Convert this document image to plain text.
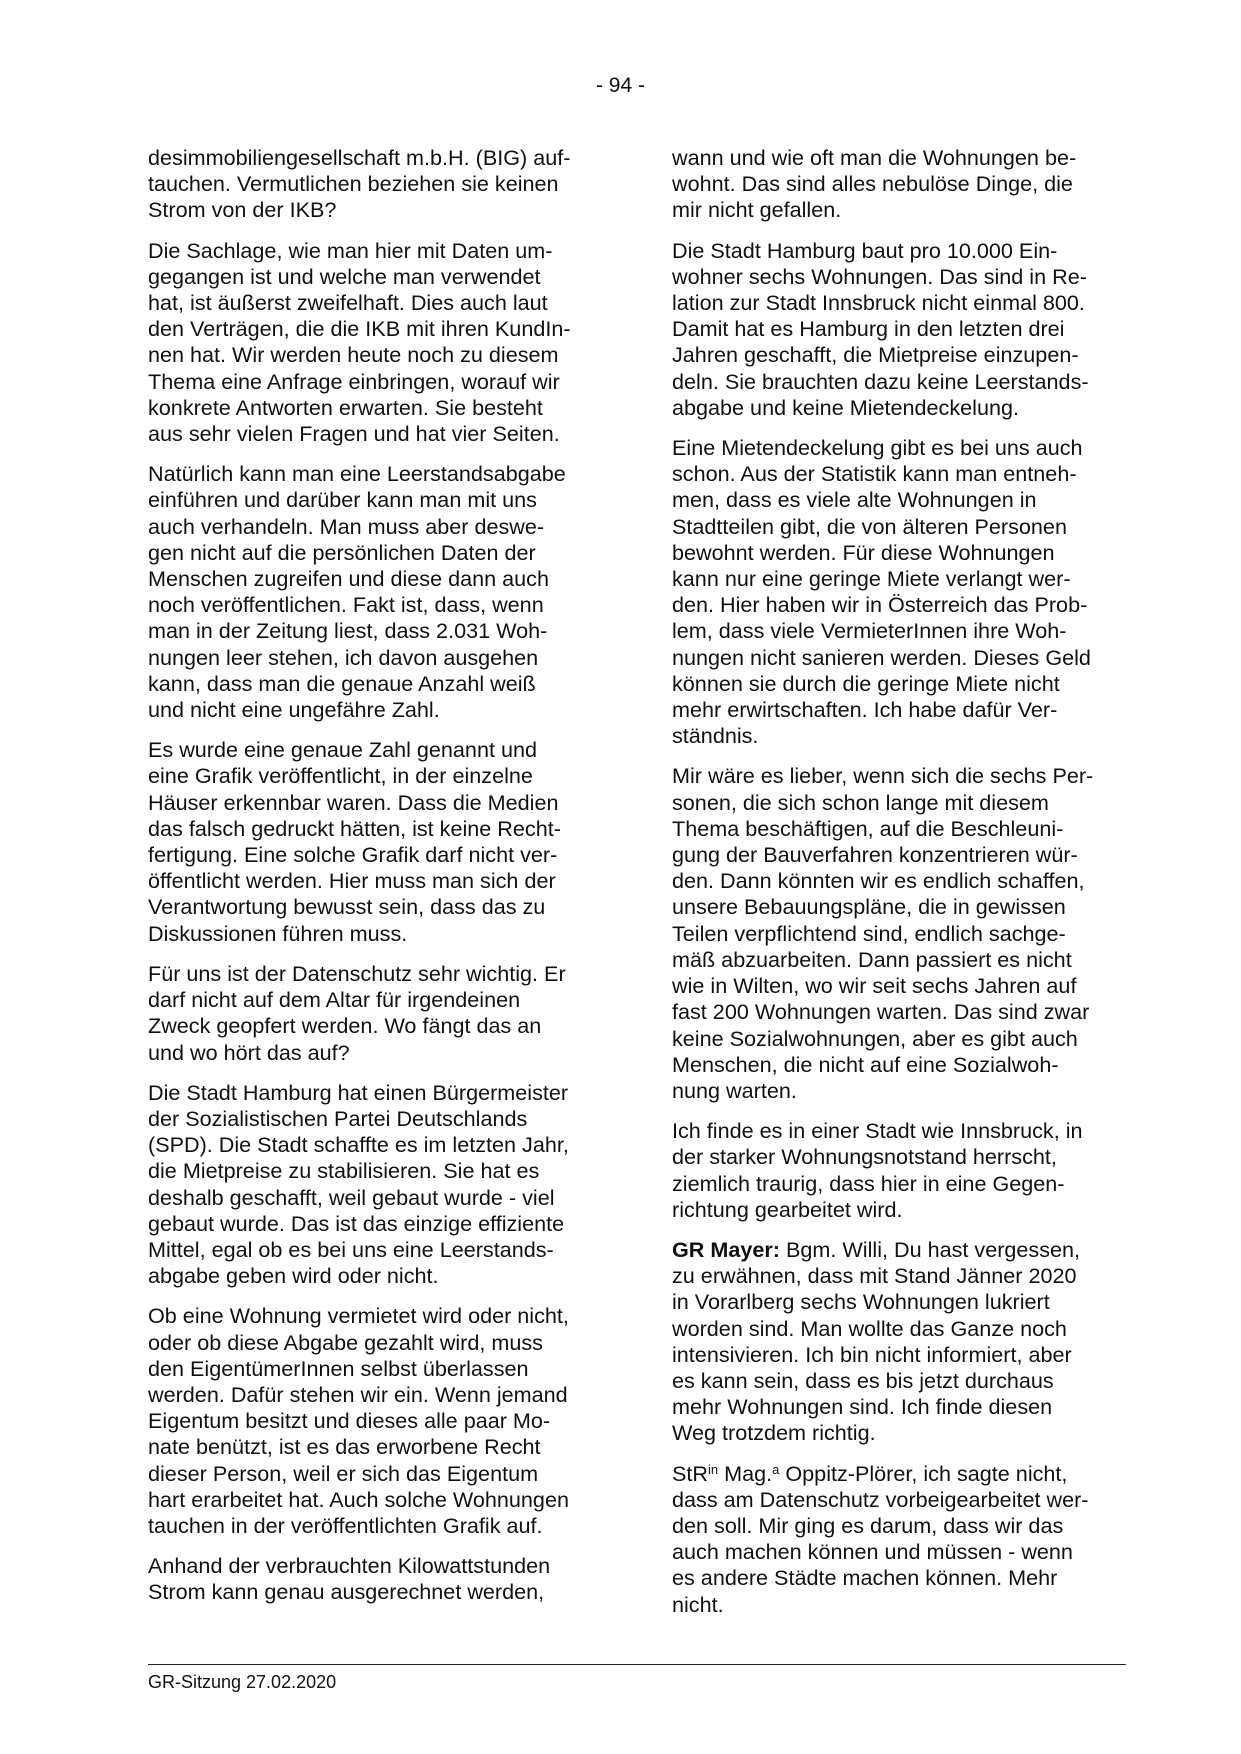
- 94 -

desimmobiliengesellschaft m.b.H. (BIG) auf-
tauchen. Vermutlichen beziehen sie keinen
Strom von der IKB?

Die Sachlage, wie man hier mit Daten um-
gegangen ist und welche man verwendet
hat, ist äußerst zweifelhaft. Dies auch laut
den Verträgen, die die IKB mit ihren KundIn-
nen hat. Wir werden heute noch zu diesem
Thema eine Anfrage einbringen, worauf wir
konkrete Antworten erwarten. Sie besteht
aus sehr vielen Fragen und hat vier Seiten.

Natürlich kann man eine Leerstandsabgabe
einführen und darüber kann man mit uns
auch verhandeln. Man muss aber deswe-
gen nicht auf die persönlichen Daten der
Menschen zugreifen und diese dann auch
noch veröffentlichen. Fakt ist, dass, wenn
man in der Zeitung liest, dass 2.031 Woh-
nungen leer stehen, ich davon ausgehen
kann, dass man die genaue Anzahl weiß
und nicht eine ungefähre Zahl.

Es wurde eine genaue Zahl genannt und
eine Grafik veröffentlicht, in der einzelne
Häuser erkennbar waren. Dass die Medien
das falsch gedruckt hätten, ist keine Recht-
fertigung. Eine solche Grafik darf nicht ver-
öffentlicht werden. Hier muss man sich der
Verantwortung bewusst sein, dass das zu
Diskussionen führen muss.

Für uns ist der Datenschutz sehr wichtig. Er
darf nicht auf dem Altar für irgendeinen
Zweck geopfert werden. Wo fängt das an
und wo hört das auf?

Die Stadt Hamburg hat einen Bürgermeister
der Sozialistischen Partei Deutschlands
(SPD). Die Stadt schaffte es im letzten Jahr,
die Mietpreise zu stabilisieren. Sie hat es
deshalb geschafft, weil gebaut wurde - viel
gebaut wurde. Das ist das einzige effiziente
Mittel, egal ob es bei uns eine Leerstands-
abgabe geben wird oder nicht.

Ob eine Wohnung vermietet wird oder nicht,
oder ob diese Abgabe gezahlt wird, muss
den EigentümerInnen selbst überlassen
werden. Dafür stehen wir ein. Wenn jemand
Eigentum besitzt und dieses alle paar Mo-
nate benützt, ist es das erworbene Recht
dieser Person, weil er sich das Eigentum
hart erarbeitet hat. Auch solche Wohnungen
tauchen in der veröffentlichten Grafik auf.

Anhand der verbrauchten Kilowattstunden
Strom kann genau ausgerechnet werden,

wann und wie oft man die Wohnungen be-
wohnt. Das sind alles nebulöse Dinge, die
mir nicht gefallen.

Die Stadt Hamburg baut pro 10.000 Ein-
wohner sechs Wohnungen. Das sind in Re-
lation zur Stadt Innsbruck nicht einmal 800.
Damit hat es Hamburg in den letzten drei
Jahren geschafft, die Mietpreise einzupen-
deln. Sie brauchten dazu keine Leerstands-
abgabe und keine Mietendeckelung.

Eine Mietendeckelung gibt es bei uns auch
schon. Aus der Statistik kann man entneh-
men, dass es viele alte Wohnungen in
Stadtteilen gibt, die von älteren Personen
bewohnt werden. Für diese Wohnungen
kann nur eine geringe Miete verlangt wer-
den. Hier haben wir in Österreich das Prob-
lem, dass viele VermieterInnen ihre Woh-
nungen nicht sanieren werden. Dieses Geld
können sie durch die geringe Miete nicht
mehr erwirtschaften. Ich habe dafür Ver-
ständnis.

Mir wäre es lieber, wenn sich die sechs Per-
sonen, die sich schon lange mit diesem
Thema beschäftigen, auf die Beschleuni-
gung der Bauverfahren konzentrieren wür-
den. Dann könnten wir es endlich schaffen,
unsere Bebauungspläne, die in gewissen
Teilen verpflichtend sind, endlich sachge-
mäß abzuarbeiten. Dann passiert es nicht
wie in Wilten, wo wir seit sechs Jahren auf
fast 200 Wohnungen warten. Das sind zwar
keine Sozialwohnungen, aber es gibt auch
Menschen, die nicht auf eine Sozialwoh-
nung warten.

Ich finde es in einer Stadt wie Innsbruck, in
der starker Wohnungsnotstand herrscht,
ziemlich traurig, dass hier in eine Gegen-
richtung gearbeitet wird.

GR Mayer: Bgm. Willi, Du hast vergessen,
zu erwähnen, dass mit Stand Jänner 2020
in Vorarlberg sechs Wohnungen lukriert
worden sind. Man wollte das Ganze noch
intensivieren. Ich bin nicht informiert, aber
es kann sein, dass es bis jetzt durchaus
mehr Wohnungen sind. Ich finde diesen
Weg trotzdem richtig.

StR$^{in}$ Mag.$^a$ Oppitz-Plörer, ich sagte nicht,
dass am Datenschutz vorbeigearbeitet wer-
den soll. Mir ging es darum, dass wir das
auch machen können und müssen - wenn
es andere Städte machen können. Mehr
nicht.

GR-Sitzung 27.02.2020
